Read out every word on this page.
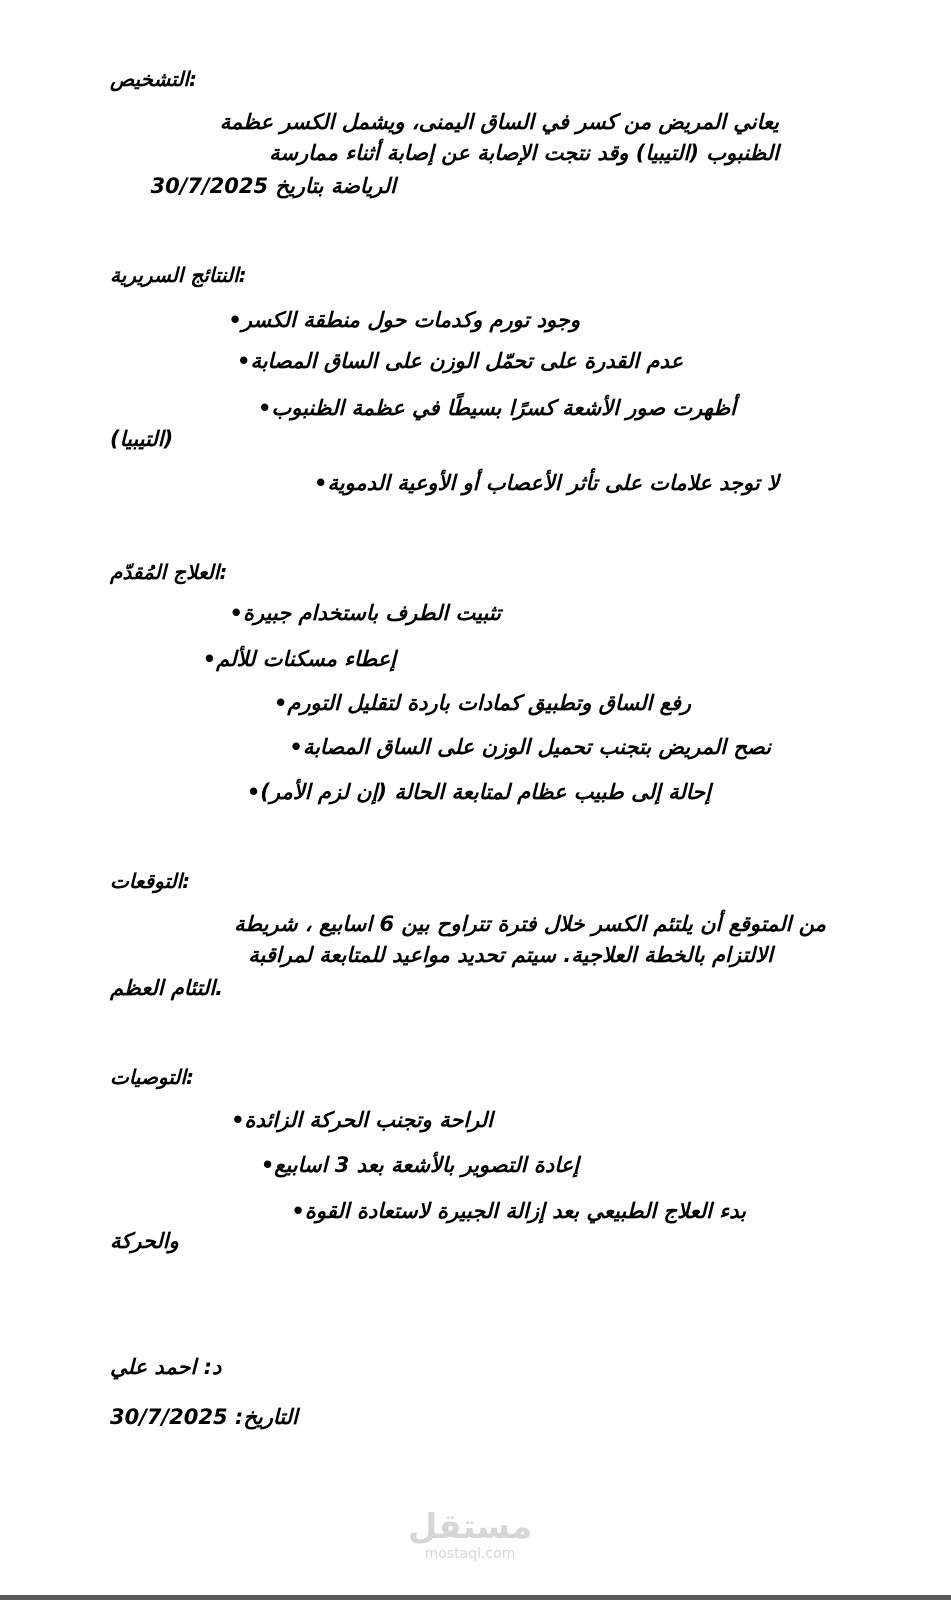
:التشخيص
يعاني المريض من كسر في الساق اليمنى، ويشمل الكسر عظمة
الظنبوب (التيبيا) وقد نتجت الإصابة عن إصابة أثناء ممارسة
الرياضة بتاريخ 30/7/2025
:النتائج السريرية
وجود تورم وكدمات حول منطقة الكسر•
عدم القدرة على تحمّل الوزن على الساق المصابة•
أظهرت صور الأشعة كسرًا بسيطًا في عظمة الظنبوب•
(التيبيا)
لا توجد علامات على تأثر الأعصاب أو الأوعية الدموية•
:العلاج المُقدّم
تثبيت الطرف باستخدام جبيرة•
إعطاء مسكنات للألم•
رفع الساق وتطبيق كمادات باردة لتقليل التورم•
نصح المريض بتجنب تحميل الوزن على الساق المصابة•
إحالة إلى طبيب عظام لمتابعة الحالة (إن لزم الأمر)•
:التوقعات
من المتوقع أن يلتئم الكسر خلال فترة تتراوح بين 6 اسابيع ، شريطة
الالتزام بالخطة العلاجية. سيتم تحديد مواعيد للمتابعة لمراقبة
.التئام العظم
:التوصيات
الراحة وتجنب الحركة الزائدة•
إعادة التصوير بالأشعة بعد 3 اسابيع•
بدء العلاج الطبيعي بعد إزالة الجبيرة لاستعادة القوة•
والحركة
د: احمد علي
التاريخ: 30/7/2025
مستقل
mostaql.com
